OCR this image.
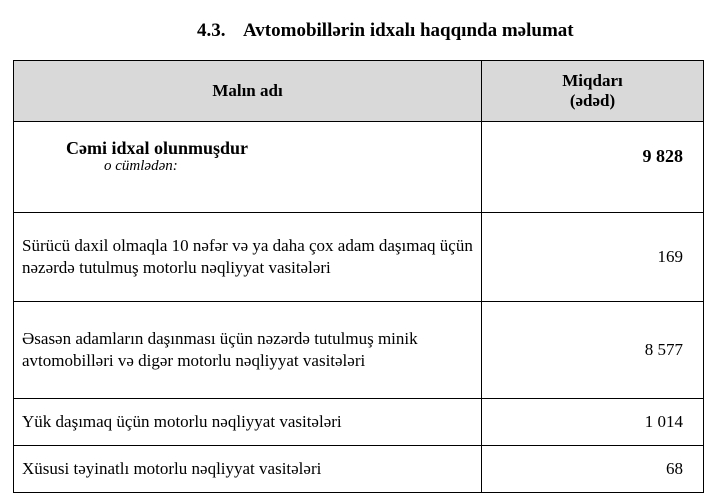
4.3. Avtomobillərin idxalı haqqında məlumat
Malın adı	Miqdarı
(ədəd)

Cəmi idxal olunmuşdur
o cümlədən:	9 828
Sürücü daxil olmaqla 10 nəfər və ya daha çox adam daşımaq üçün nəzərdə tutulmuş motorlu nəqliyyat vasitələri	169
Əsasən adamların daşınması üçün nəzərdə tutulmuş minik avtomobilləri və digər motorlu nəqliyyat vasitələri	8 577
Yük daşımaq üçün motorlu nəqliyyat vasitələri	1 014
Xüsusi təyinatlı motorlu nəqliyyat vasitələri	68
